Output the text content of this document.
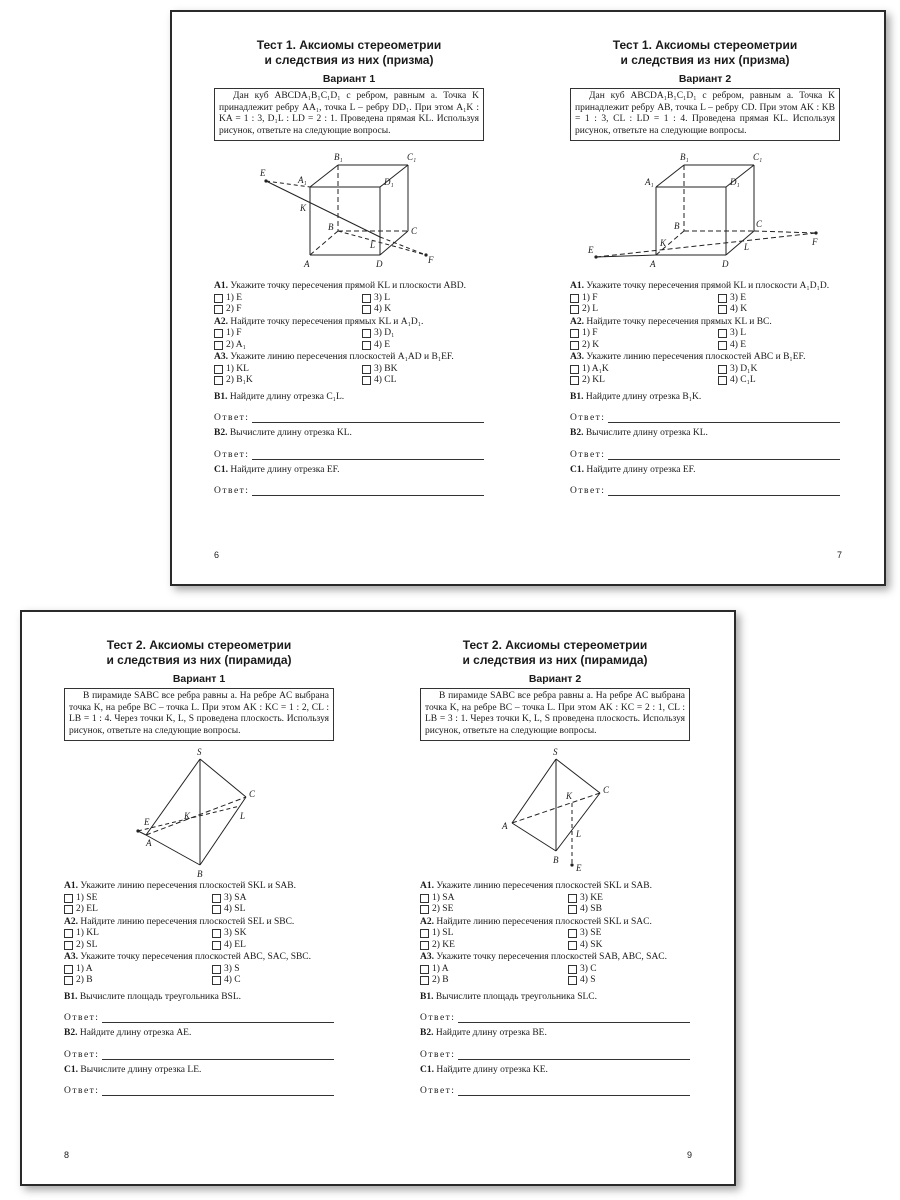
Тест 1. Аксиомы стереометрии
и следствия из них (призма)
Вариант 1
Дан куб ABCDA₁B₁C₁D₁ с ребром, равным a. Точка K принадлежит ребру AA₁, точка L – ребру DD₁. При этом A₁K : KA = 1 : 3, D₁L : LD = 2 : 1. Проведена прямая KL. Используя рисунок, ответьте на следующие вопросы.
B₁	C₁
A₁	D₁
E
K
B	C
L
A	D	F
А1. Укажите точку пересечения прямой KL и плоскости ABD.
1) E	3) L
2) F	4) K
А2. Найдите точку пересечения прямых KL и A₁D₁.
1) F	3) D₁
2) A₁	4) E
А3. Укажите линию пересечения плоскостей A₁AD и B₁EF.
1) KL	3) BK
2) B₁K	4) CL
В1. Найдите длину отрезка C₁L.
Ответ:
В2. Вычислите длину отрезка KL.
Ответ:
С1. Найдите длину отрезка EF.
Ответ:
6
Тест 1. Аксиомы стереометрии
и следствия из них (призма)
Вариант 2
Дан куб ABCDA₁B₁C₁D₁ с ребром, равным a. Точка K принадлежит ребру AB, точка L – ребру CD. При этом AK : KB = 1 : 3, CL : LD = 1 : 4. Проведена прямая KL. Используя рисунок, ответьте на следующие вопросы.
B₁	C₁
A₁	D₁
B	C
K	L
E
A	D
F
А1. Укажите точку пересечения прямой KL и плоскости A₁D₁D.
1) F	3) E
2) L	4) K
А2. Найдите точку пересечения прямых KL и BC.
1) F	3) L
2) K	4) E
А3. Укажите линию пересечения плоскостей ABC и B₁EF.
1) A₁K	3) D₁K
2) KL	4) C₁L
В1. Найдите длину отрезка B₁K.
Ответ:
В2. Вычислите длину отрезка KL.
Ответ:
С1. Найдите длину отрезка EF.
Ответ:
7
Тест 2. Аксиомы стереометрии
и следствия из них (пирамида)
Вариант 1
В пирамиде SABC все ребра равны a. На ребре AC выбрана точка K, на ребре BC – точка L. При этом AK : KC = 1 : 2, CL : LB = 1 : 4. Через точки K, L, S проведена плоскость. Используя рисунок, ответьте на следующие вопросы.
S
C
E
K	L
A
B
А1. Укажите линию пересечения плоскостей SKL и SAB.
1) SE	3) SA
2) EL	4) SL
А2. Найдите линию пересечения плоскостей SEL и SBC.
1) KL	3) SK
2) SL	4) EL
А3. Укажите точку пересечения плоскостей ABC, SAC, SBC.
1) A	3) S
2) B	4) C
В1. Вычислите площадь треугольника BSL.
Ответ:
В2. Найдите длину отрезка AE.
Ответ:
С1. Вычислите длину отрезка LE.
Ответ:
8
Тест 2. Аксиомы стереометрии
и следствия из них (пирамида)
Вариант 2
В пирамиде SABC все ребра равны a. На ребре AC выбрана точка K, на ребре BC – точка L. При этом AK : KC = 2 : 1, CL : LB = 3 : 1. Через точки K, L, S проведена плоскость. Используя рисунок, ответьте на следующие вопросы.
S
K
C
A
L
B
E
А1. Укажите линию пересечения плоскостей SKL и SAB.
1) SA	3) KE
2) SE	4) SB
А2. Найдите линию пересечения плоскостей SKL и SAC.
1) SL	3) SE
2) KE	4) SK
А3. Укажите точку пересечения плоскостей SAB, ABC, SAC.
1) A	3) C
2) B	4) S
В1. Вычислите площадь треугольника SLC.
Ответ:
В2. Найдите длину отрезка BE.
Ответ:
С1. Найдите длину отрезка KE.
Ответ:
9
